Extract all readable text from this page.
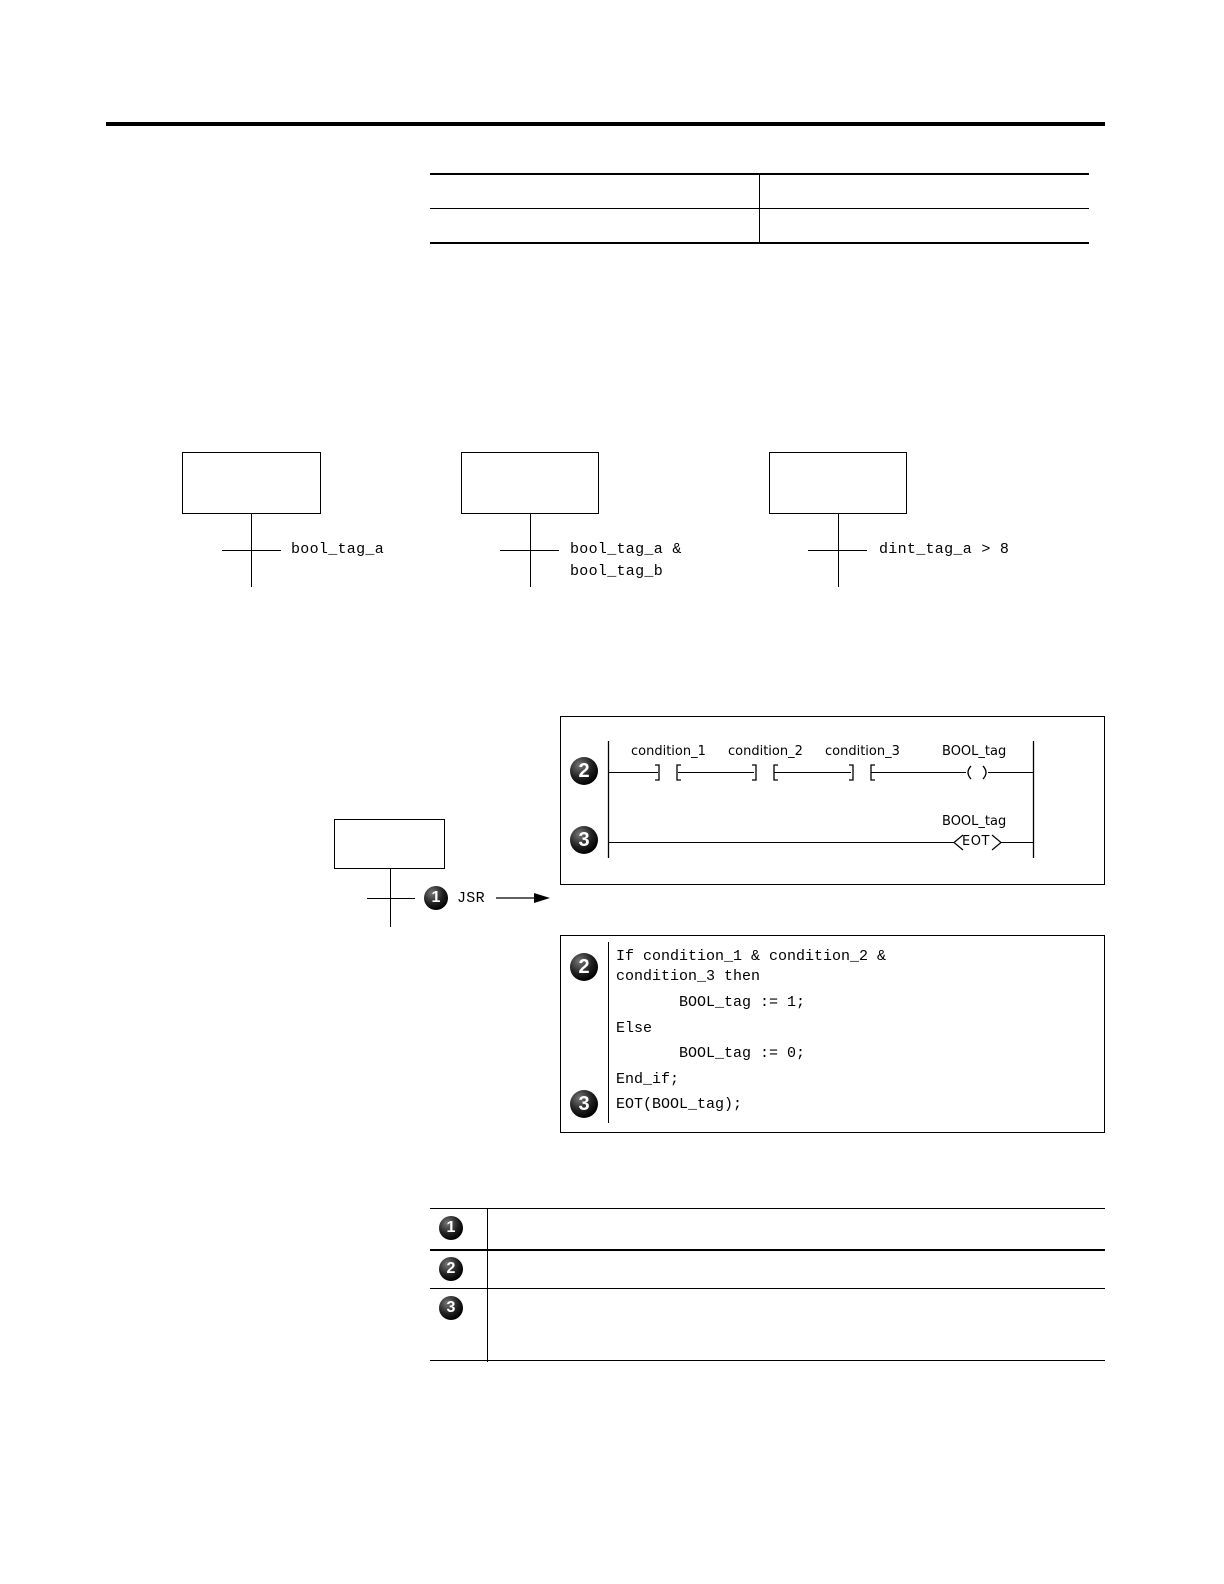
bool_tag_a	bool_tag_a &
bool_tag_b
dint_tag_a > 8
1	JSR
2
3
condition_1 condition_2 condition_3	BOOL_tag
BOOL_tag
EOT
2
3
If condition_1 & condition_2 &
condition_3 then
BOOL_tag := 1;
Else
BOOL_tag := 0;
End_if;
EOT(BOOL_tag);
1
2
3
